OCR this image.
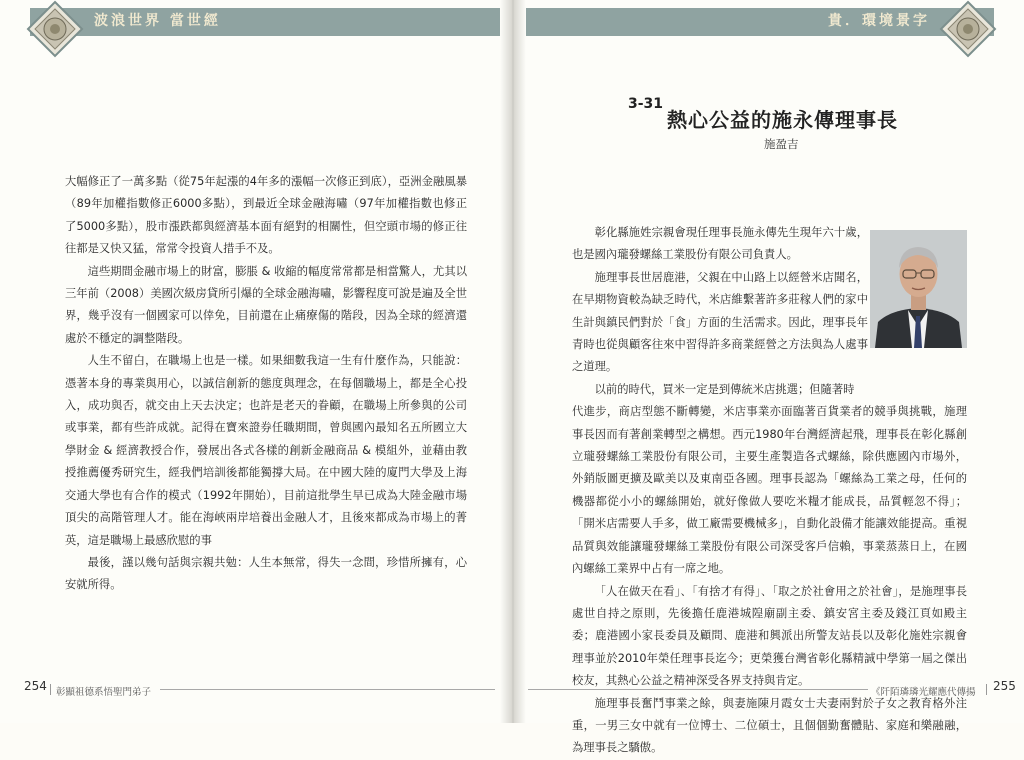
波浪世界 當世經

大幅修正了一萬多點（從75年起漲的4年多的漲幅一次修正到底），亞洲金融風暴（89年加權指數修正6000多點），到最近全球金融海嘯（97年加權指數也修正了5000多點），股市漲跌都與經濟基本面有絕對的相關性，但空頭市場的修正往往都是又快又猛，常常令投資人措手不及。

這些期間金融市場上的財富，膨脹 & 收縮的幅度常常都是相當驚人，尤其以三年前（2008）美國次級房貸所引爆的全球金融海嘯，影響程度可說是遍及全世界，幾乎沒有一個國家可以倖免，目前還在止痛療傷的階段，因為全球的經濟還處於不穩定的調整階段。

人生不留白，在職場上也是一樣。如果細數我這一生有什麼作為，只能說：憑著本身的專業與用心，以誠信創新的態度與理念，在每個職場上，都是全心投入，成功與否，就交由上天去決定；也許是老天的眷顧，在職場上所參與的公司或事業，都有些許成就。記得在寶來證券任職期間，曾與國內最知名五所國立大學財金 & 經濟教授合作，發展出各式各樣的創新金融商品 & 模組外，並藉由教授推薦優秀研究生，經我們培訓後都能獨撐大局。在中國大陸的廈門大學及上海交通大學也有合作的模式（1992年開始），目前這批學生早已成為大陸金融市場頂尖的高階管理人才。能在海峽兩岸培養出金融人才，且後來都成為市場上的菁英，這是職場上最感欣慰的事

最後，謹以幾句話與宗親共勉：人生本無常，得失一念間，珍惜所擁有，心安就所得。

254 彰顯祖德系悟聖門弟子
貴．環境景字
3-31
熱心公益的施永傳理事長
施盈吉

彰化縣施姓宗親會現任理事長施永傳先生現年六十歲，也是國內瓏發螺絲工業股份有限公司負責人。

施理事長世居鹿港，父親在中山路上以經營米店聞名，在早期物資較為缺乏時代，米店維繫著許多莊稼人們的家中生計與鎮民們對於「食」方面的生活需求。因此，理事長年青時也從與顧客往來中習得許多商業經營之方法與為人處事之道理。

以前的時代，買米一定是到傳統米店挑選；但隨著時

代進步，商店型態不斷轉變，米店事業亦面臨著百貨業者的競爭與挑戰，施理事長因而有著創業轉型之構想。西元1980年台灣經濟起飛，理事長在彰化縣創立瓏發螺絲工業股份有限公司，主要生產製造各式螺絲，除供應國內市場外，外銷版圖更擴及歐美以及東南亞各國。理事長認為「螺絲為工業之母，任何的機器都從小小的螺絲開始，就好像做人要吃米糧才能成長，品質輕忽不得」；「開米店需要人手多，做工廠需要機械多」，自動化設備才能讓效能提高。重視品質與效能讓瓏發螺絲工業股份有限公司深受客戶信賴，事業蒸蒸日上，在國內螺絲工業界中占有一席之地。

「人在做天在看」、「有捨才有得」、「取之於社會用之於社會」，是施理事長處世自持之原則，先後擔任鹿港城隍廟副主委、鎮安宮主委及錢江頁如殿主委；鹿港國小家長委員及顧問、鹿港和興派出所警友站長以及彰化施姓宗親會理事並於2010年榮任理事長迄今；更榮獲台灣省彰化縣精誠中學第一屆之傑出校友，其熱心公益之精神深受各界支持與肯定。

施理事長奮鬥事業之餘，與妻施陳月霞女士夫妻兩對於子女之教育格外注重，一男三女中就有一位博士、二位碩士，且個個勤奮體貼、家庭和樂融融，為理事長之驕傲。

《阡陌璘璘光耀應代傳揚 255
